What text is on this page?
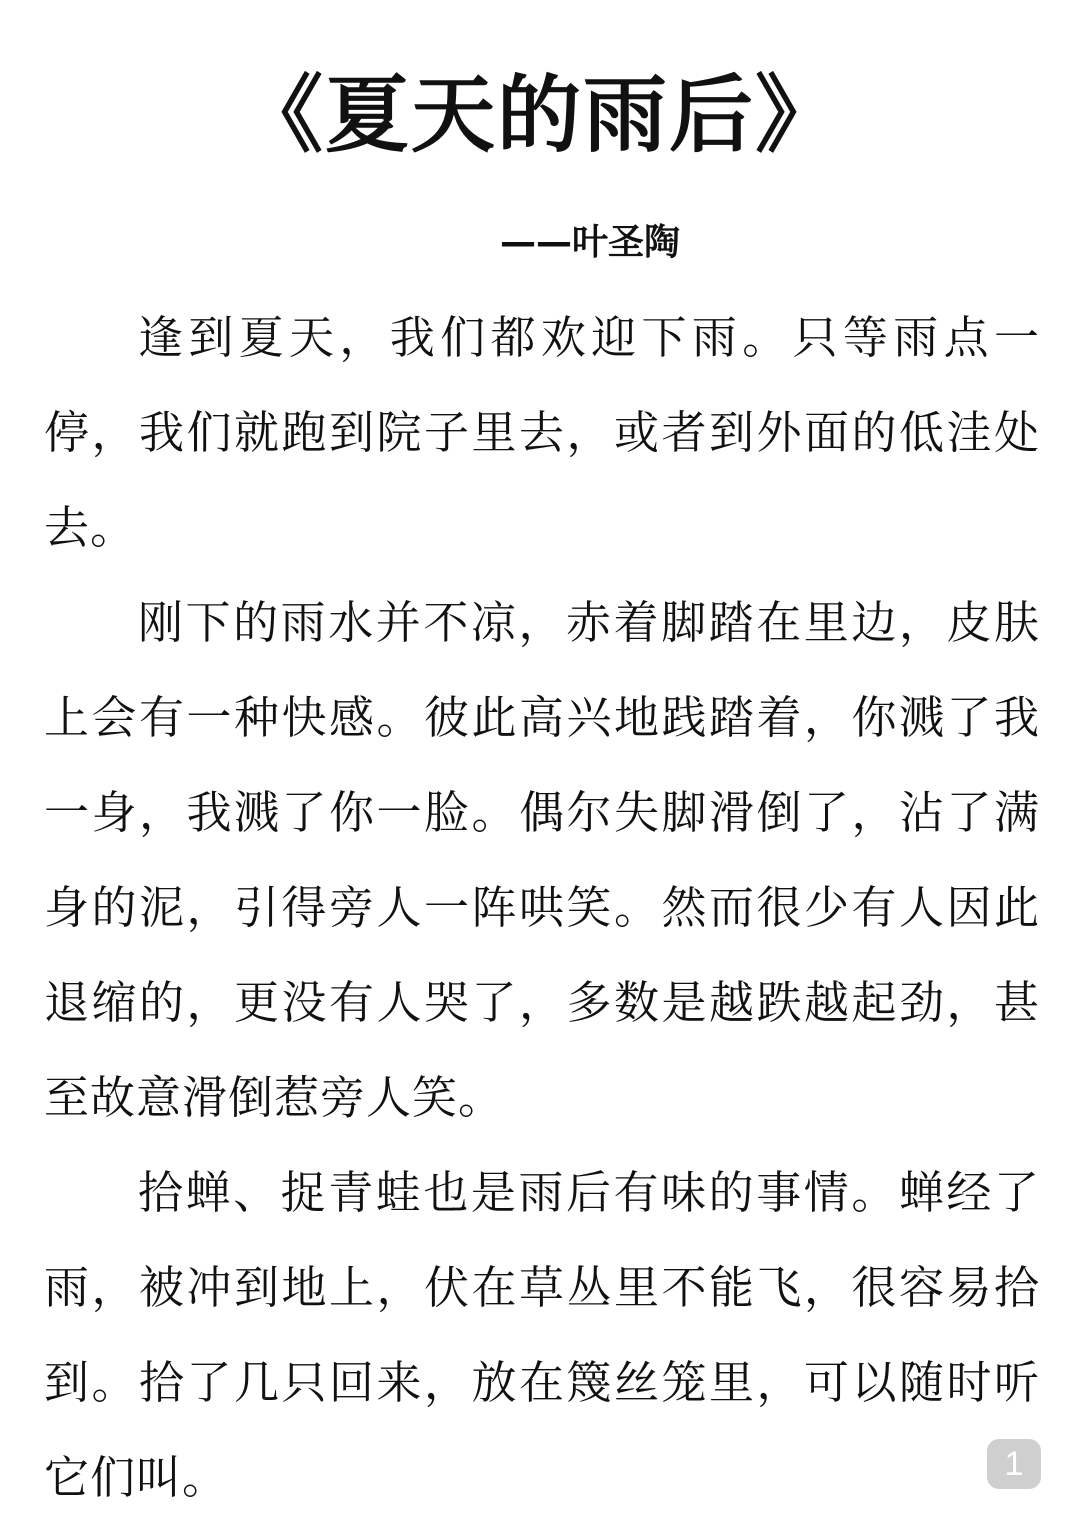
《夏天的雨后》
——叶圣陶

逢到夏天，我们都欢迎下雨。只等雨点一停，我们就跑到院子里去，或者到外面的低洼处去。

刚下的雨水并不凉，赤着脚踏在里边，皮肤上会有一种快感。彼此高兴地践踏着，你溅了我一身，我溅了你一脸。偶尔失脚滑倒了，沾了满身的泥，引得旁人一阵哄笑。然而很少有人因此退缩的，更没有人哭了，多数是越跌越起劲，甚至故意滑倒惹旁人笑。

拾蝉、捉青蛙也是雨后有味的事情。蝉经了雨，被冲到地上，伏在草丛里不能飞，很容易拾到。拾了几只回来，放在篾丝笼里，可以随时听它们叫。	1
